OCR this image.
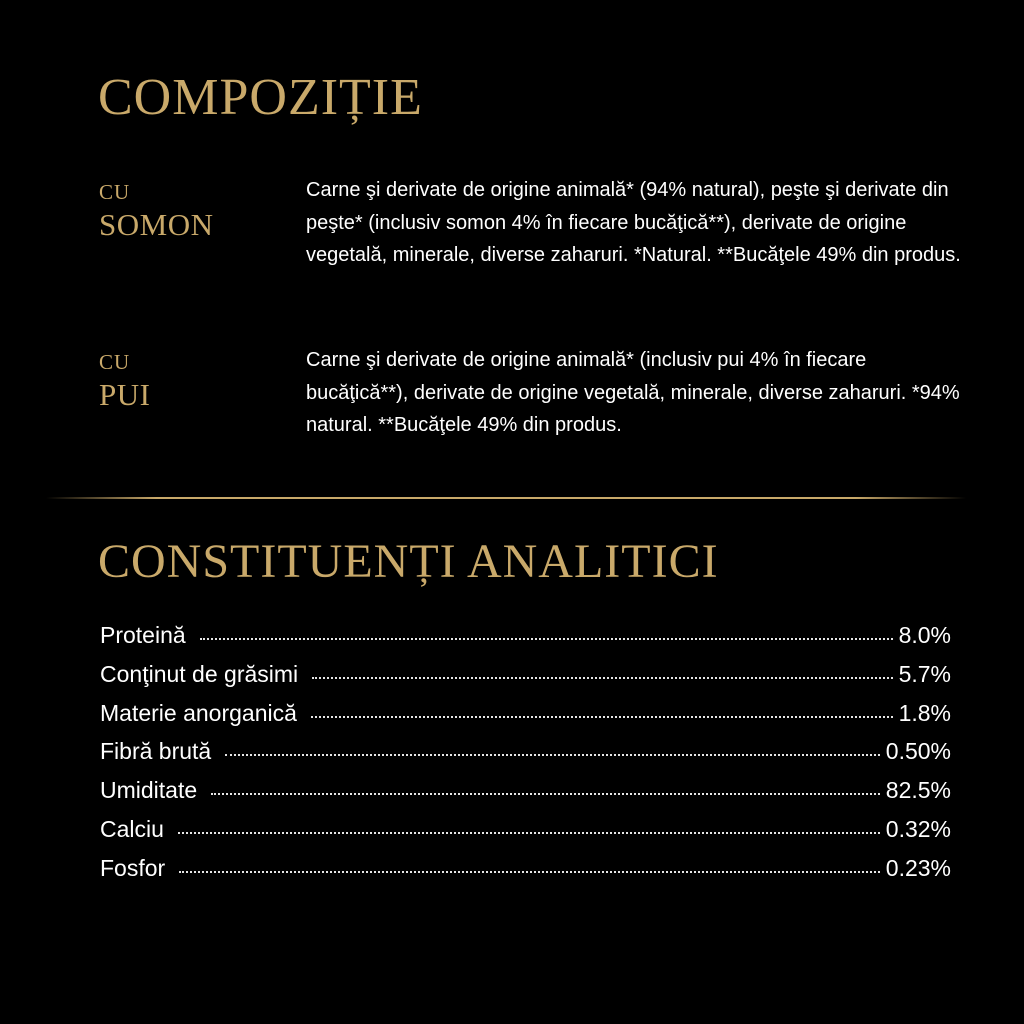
COMPOZIȚIE
CU
SOMON
Carne şi derivate de origine animală* (94% natural), peşte şi derivate din peşte* (inclusiv somon 4% în fiecare bucăţică**), derivate de origine vegetală, minerale, diverse zaharuri. *Natural. **Bucăţele 49% din produs.
CU
PUI
Carne şi derivate de origine animală* (inclusiv pui 4% în fiecare bucăţică**), derivate de origine vegetală, minerale, diverse zaharuri. *94% natural. **Bucăţele 49% din produs.
CONSTITUENȚI ANALITICI
Proteină	8.0%
Conţinut de grăsimi	5.7%
Materie anorganică	1.8%
Fibră brută	0.50%
Umiditate	82.5%
Calciu	0.32%
Fosfor	0.23%
